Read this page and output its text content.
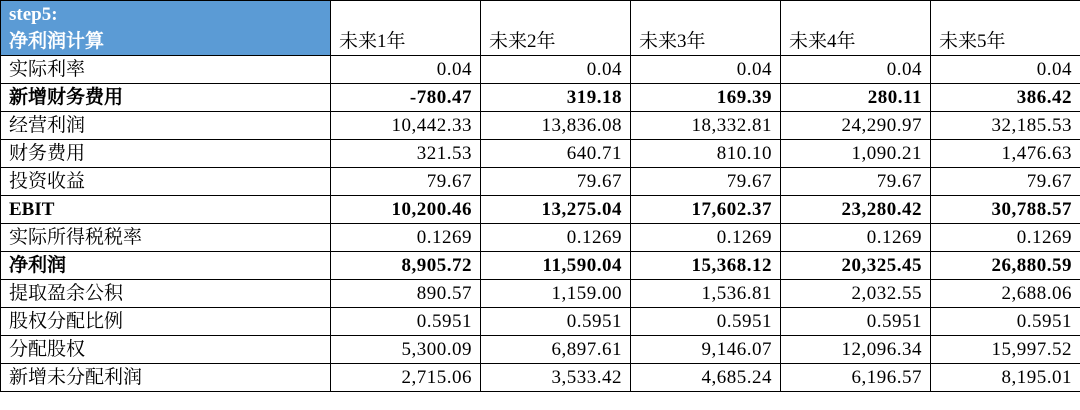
step5:
净利润计算	未来1年	未来2年	未来3年	未来4年	未来5年
实际利率	0.04	0.04	0.04	0.04	0.04
新增财务费用	-780.47	319.18	169.39	280.11	386.42
经营利润	10,442.33	13,836.08	18,332.81	24,290.97	32,185.53
财务费用	321.53	640.71	810.10	1,090.21	1,476.63
投资收益	79.67	79.67	79.67	79.67	79.67
EBIT	10,200.46	13,275.04	17,602.37	23,280.42	30,788.57
实际所得税税率	0.1269	0.1269	0.1269	0.1269	0.1269
净利润	8,905.72	11,590.04	15,368.12	20,325.45	26,880.59
提取盈余公积	890.57	1,159.00	1,536.81	2,032.55	2,688.06
股权分配比例	0.5951	0.5951	0.5951	0.5951	0.5951
分配股权	5,300.09	6,897.61	9,146.07	12,096.34	15,997.52
新增未分配利润	2,715.06	3,533.42	4,685.24	6,196.57	8,195.01
